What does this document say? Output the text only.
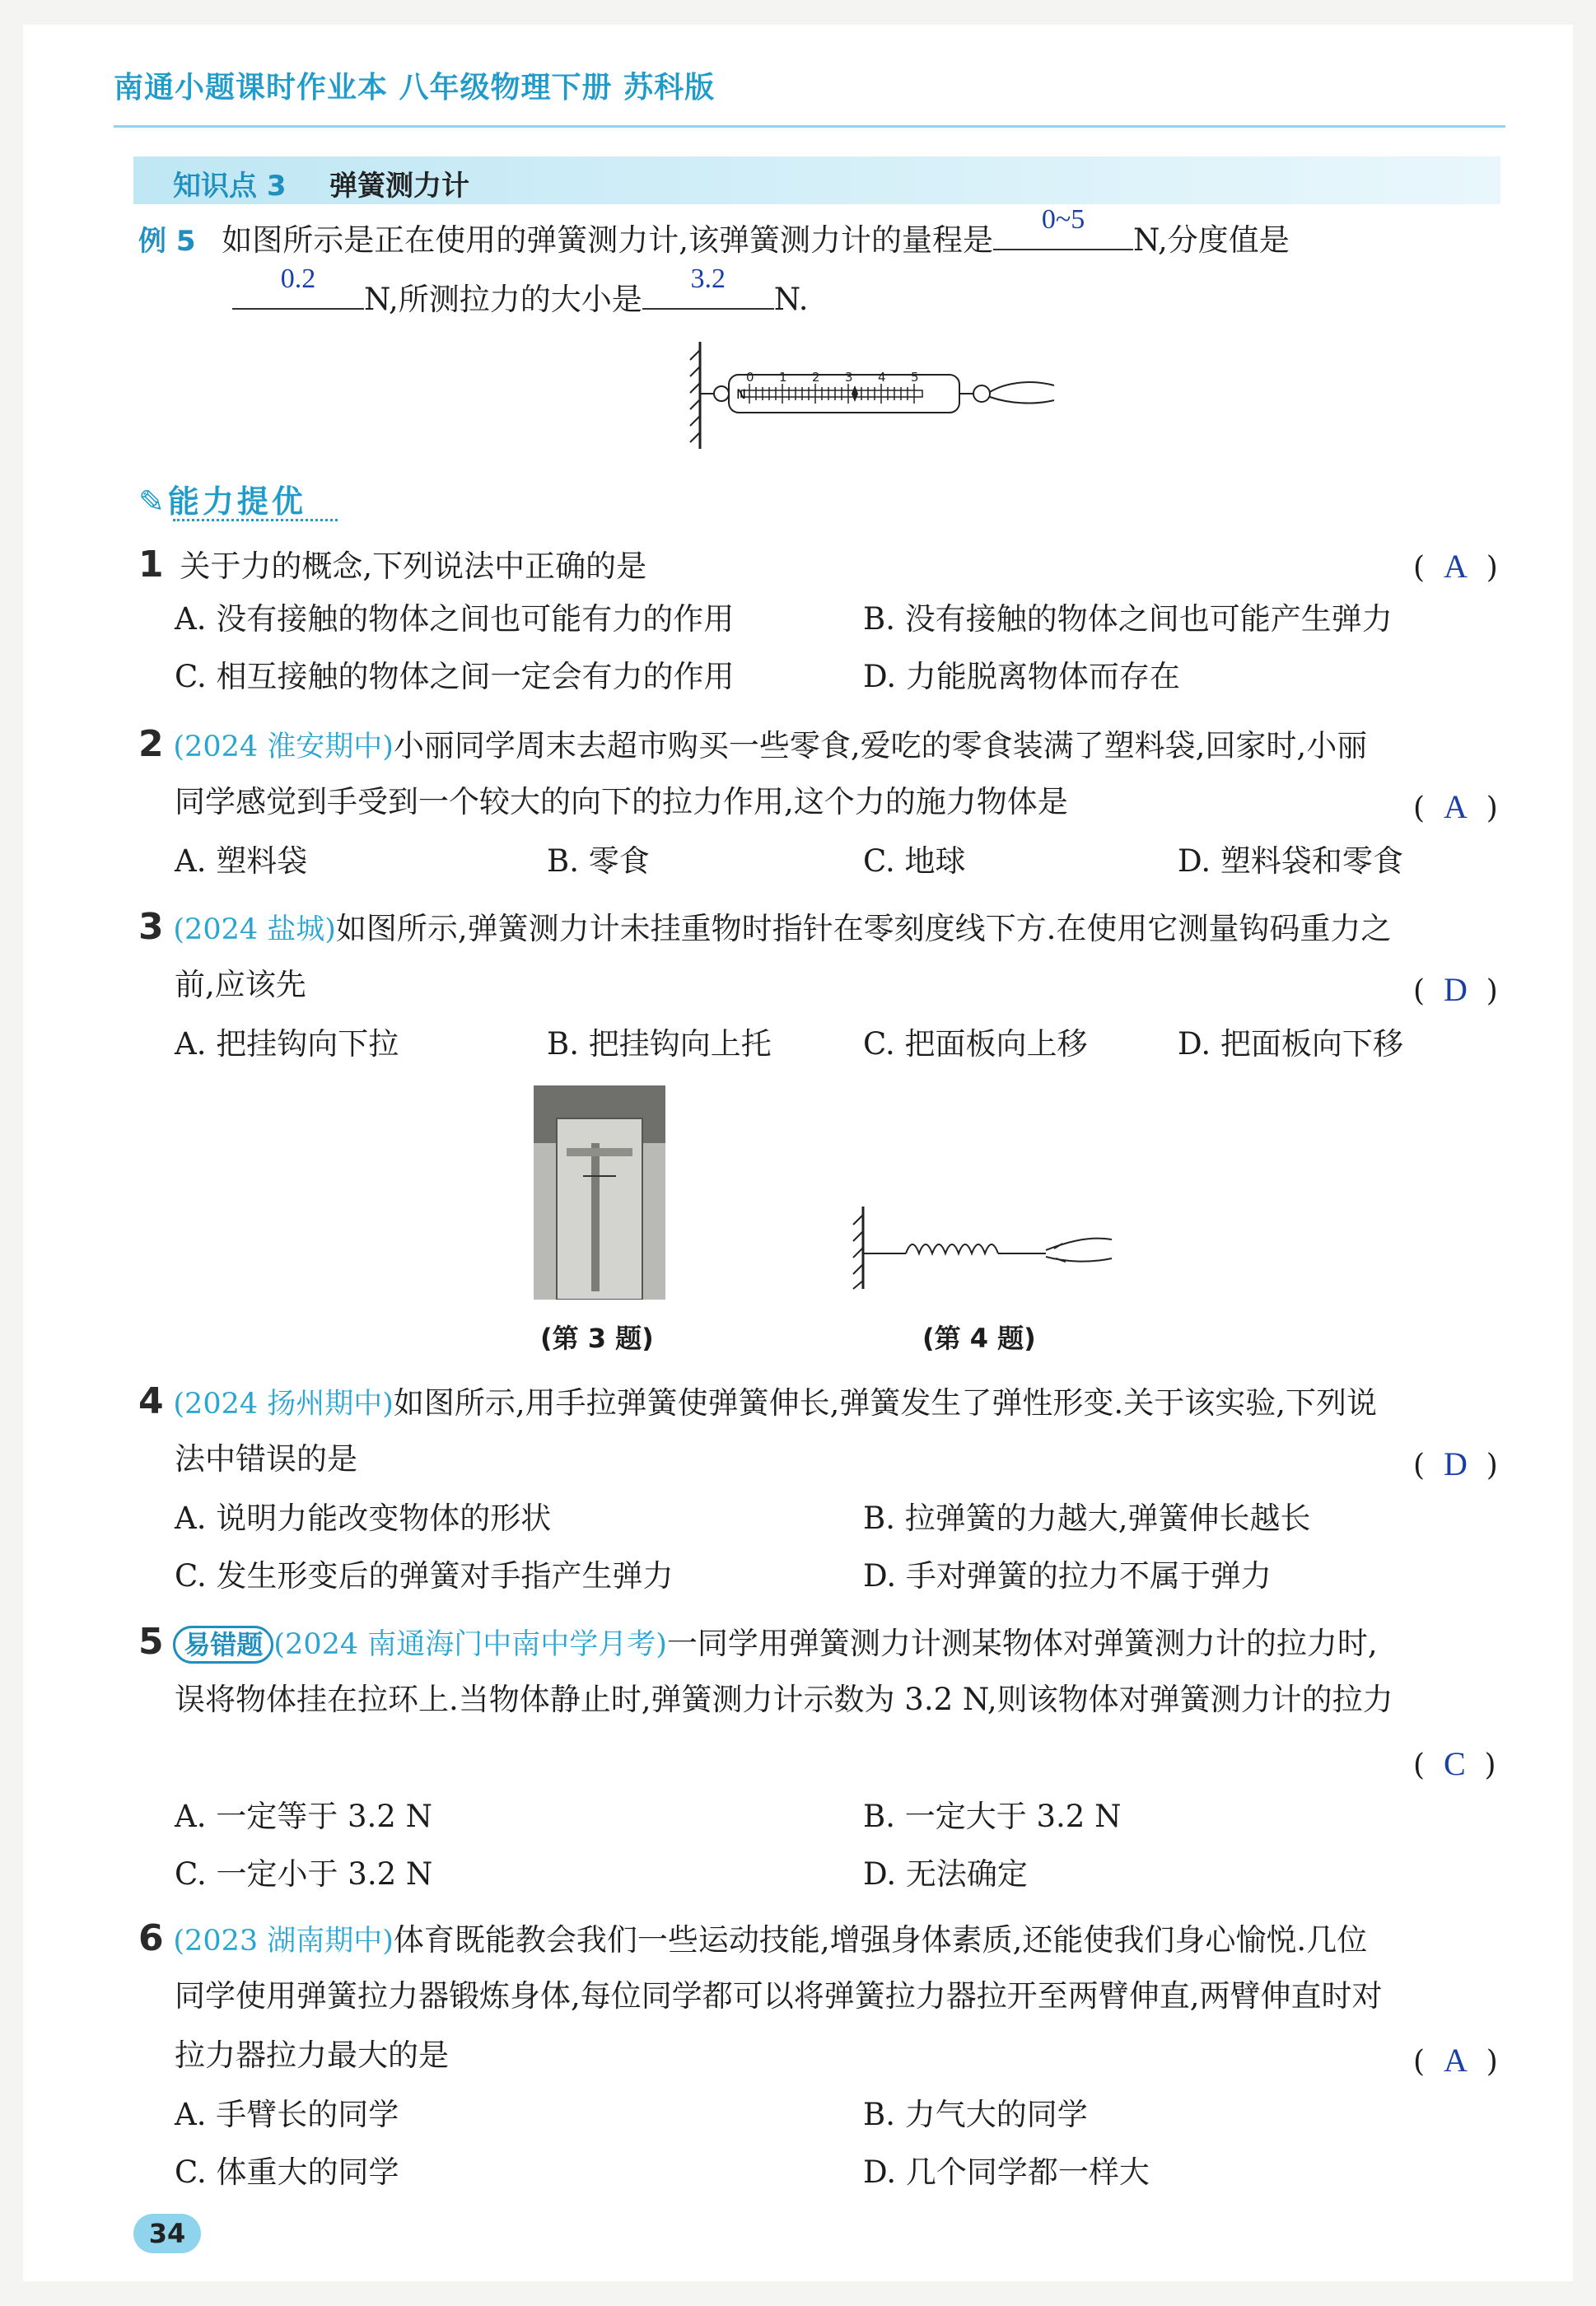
南通小题课时作业本 八年级物理下册 苏科版
知识点 3 弹簧测力计
例 5 如图所示是正在使用的弹簧测力计,该弹簧测力计的量程是
0~5
N,分度值是
0.2
N,所测拉力的大小是
3.2
N.
N
0 1 2 3 4 5
✎能力提优
1 关于力的概念,下列说法中正确的是	(  A  )
A. 没有接触的物体之间也可能有力的作用	B. 没有接触的物体之间也可能产生弹力
C. 相互接触的物体之间一定会有力的作用	D. 力能脱离物体而存在
2 (2024 淮安期中)小丽同学周末去超市购买一些零食,爱吃的零食装满了塑料袋,回家时,小丽
同学感觉到手受到一个较大的向下的拉力作用,这个力的施力物体是	(  A  )
A. 塑料袋	B. 零食	C. 地球	D. 塑料袋和零食
3 (2024 盐城)如图所示,弹簧测力计未挂重物时指针在零刻度线下方.在使用它测量钩码重力之
前,应该先	(  D  )
A. 把挂钩向下拉	B. 把挂钩向上托	C. 把面板向上移	D. 把面板向下移
(第 3 题)	(第 4 题)
4 (2024 扬州期中)如图所示,用手拉弹簧使弹簧伸长,弹簧发生了弹性形变.关于该实验,下列说
法中错误的是	(  D  )
A. 说明力能改变物体的形状	B. 拉弹簧的力越大,弹簧伸长越长
C. 发生形变后的弹簧对手指产生弹力	D. 手对弹簧的拉力不属于弹力
5 易错题 (2024 南通海门中南中学月考)一同学用弹簧测力计测某物体对弹簧测力计的拉力时,
误将物体挂在拉环上.当物体静止时,弹簧测力计示数为 3.2 N,则该物体对弹簧测力计的拉力
(  C  )
A. 一定等于 3.2 N	B. 一定大于 3.2 N
C. 一定小于 3.2 N	D. 无法确定
6 (2023 湖南期中)体育既能教会我们一些运动技能,增强身体素质,还能使我们身心愉悦.几位
同学使用弹簧拉力器锻炼身体,每位同学都可以将弹簧拉力器拉开至两臂伸直,两臂伸直时对
拉力器拉力最大的是	(  A  )
A. 手臂长的同学	B. 力气大的同学
C. 体重大的同学	D. 几个同学都一样大
34
